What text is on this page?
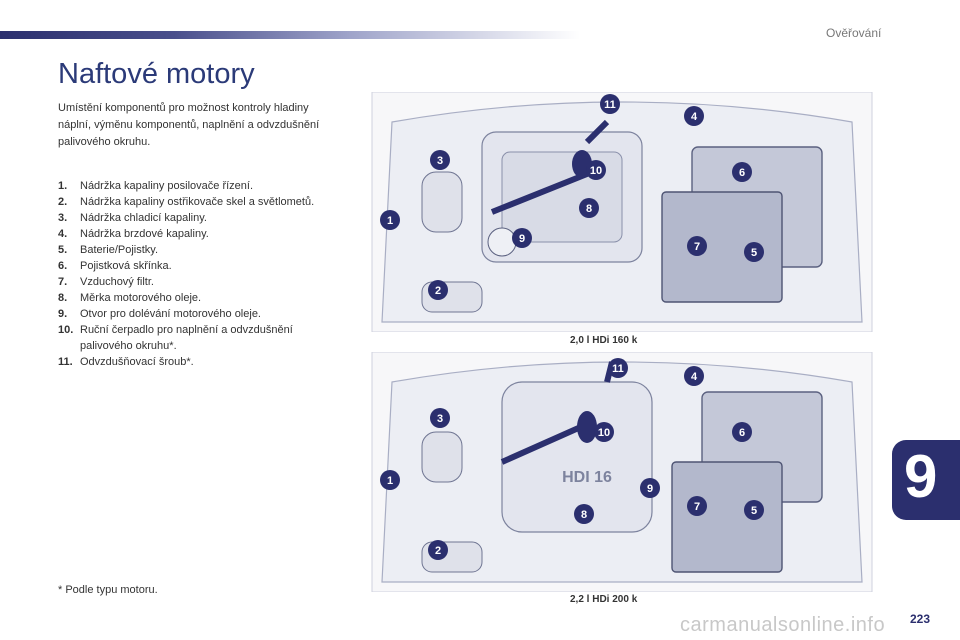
Ověřování
Naftové motory
Umístění komponentů pro možnost kontroly hladiny náplní, výměnu komponentů, naplnění a odvzdušnění palivového okruhu.
1.	Nádržka kapaliny posilovače řízení.
2.	Nádržka kapaliny ostřikovače skel a světlometů.
3.	Nádržka chladicí kapaliny.
4.	Nádržka brzdové kapaliny.
5.	Baterie/Pojistky.
6.	Pojistková skřínka.
7.	Vzduchový filtr.
8.	Měrka motorového oleje.
9.	Otvor pro dolévání motorového oleje.
10. Ruční čerpadlo pro naplnění a odvzdušnění palivového okruhu*.
11. Odvzdušňovací šroub*.
* Podle typu motoru.
1
2
3
4
5
6
7
8
9
10
11
2,0 l HDi 160 k
HDI 16
1
2
3
4
5
6
7
8
9
10
11
2,2 l HDi 200 k
9
carmanualsonline.info 223
